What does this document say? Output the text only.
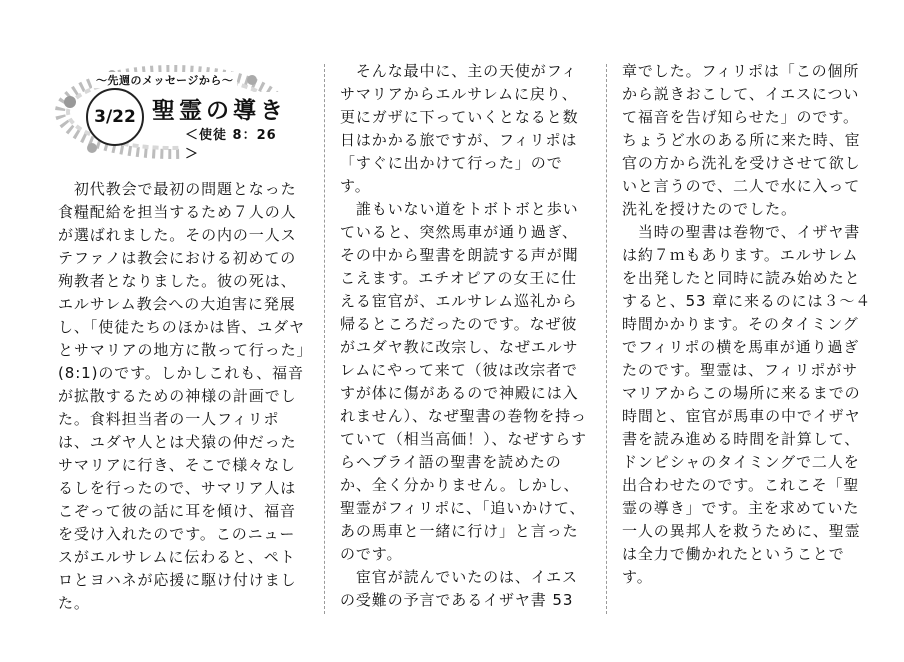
～先週のメッセージから～
3/22 聖霊の導き
＜使徒 8：26＞

　初代教会で最初の問題となった食糧配給を担当するため７人の人が選ばれました。その内の一人ステファノは教会における初めての殉教者となりました。彼の死は、エルサレム教会への大迫害に発展し、「使徒たちのほかは皆、ユダヤとサマリアの地方に散って行った」(8:1)のです。しかしこれも、福音が拡散するための神様の計画でした。食料担当者の一人フィリポは、ユダヤ人とは犬猿の仲だったサマリアに行き、そこで様々なしるしを行ったので、サマリア人はこぞって彼の話に耳を傾け、福音を受け入れたのです。このニュースがエルサレムに伝わると、ペトロとヨハネが応援に駆け付けました。

　そんな最中に、主の天使がフィサマリアからエルサレムに戻り、更にガザに下っていくとなると数日はかかる旅ですが、フィリポは「すぐに出かけて行った」のです。
　誰もいない道をトボトボと歩いていると、突然馬車が通り過ぎ、その中から聖書を朗読する声が聞こえます。エチオピアの女王に仕える宦官が、エルサレム巡礼から帰るところだったのです。なぜ彼がユダヤ教に改宗し、なぜエルサレムにやって来て（彼は改宗者ですが体に傷があるので神殿には入れません）、なぜ聖書の巻物を持っていて（相当高価！）、なぜすらすらヘブライ語の聖書を読めたのか、全く分かりません。しかし、聖霊がフィリポに、「追いかけて、あの馬車と一緒に行け」と言ったのです。
　宦官が読んでいたのは、イエスの受難の予言であるイザヤ書 53

章でした。フィリポは「この個所から説きおこして、イエスについて福音を告げ知らせた」のです。ちょうど水のある所に来た時、宦官の方から洗礼を受けさせて欲しいと言うので、二人で水に入って洗礼を授けたのでした。
　当時の聖書は巻物で、イザヤ書は約７ｍもあります。エルサレムを出発したと同時に読み始めたとすると、53 章に来るのには３～４時間かかります。そのタイミングでフィリポの横を馬車が通り過ぎたのです。聖霊は、フィリポがサマリアからこの場所に来るまでの時間と、宦官が馬車の中でイザヤ書を読み進める時間を計算して、ドンピシャのタイミングで二人を出合わせたのです。これこそ「聖霊の導き」です。主を求めていた一人の異邦人を救うために、聖霊は全力で働かれたということです。
